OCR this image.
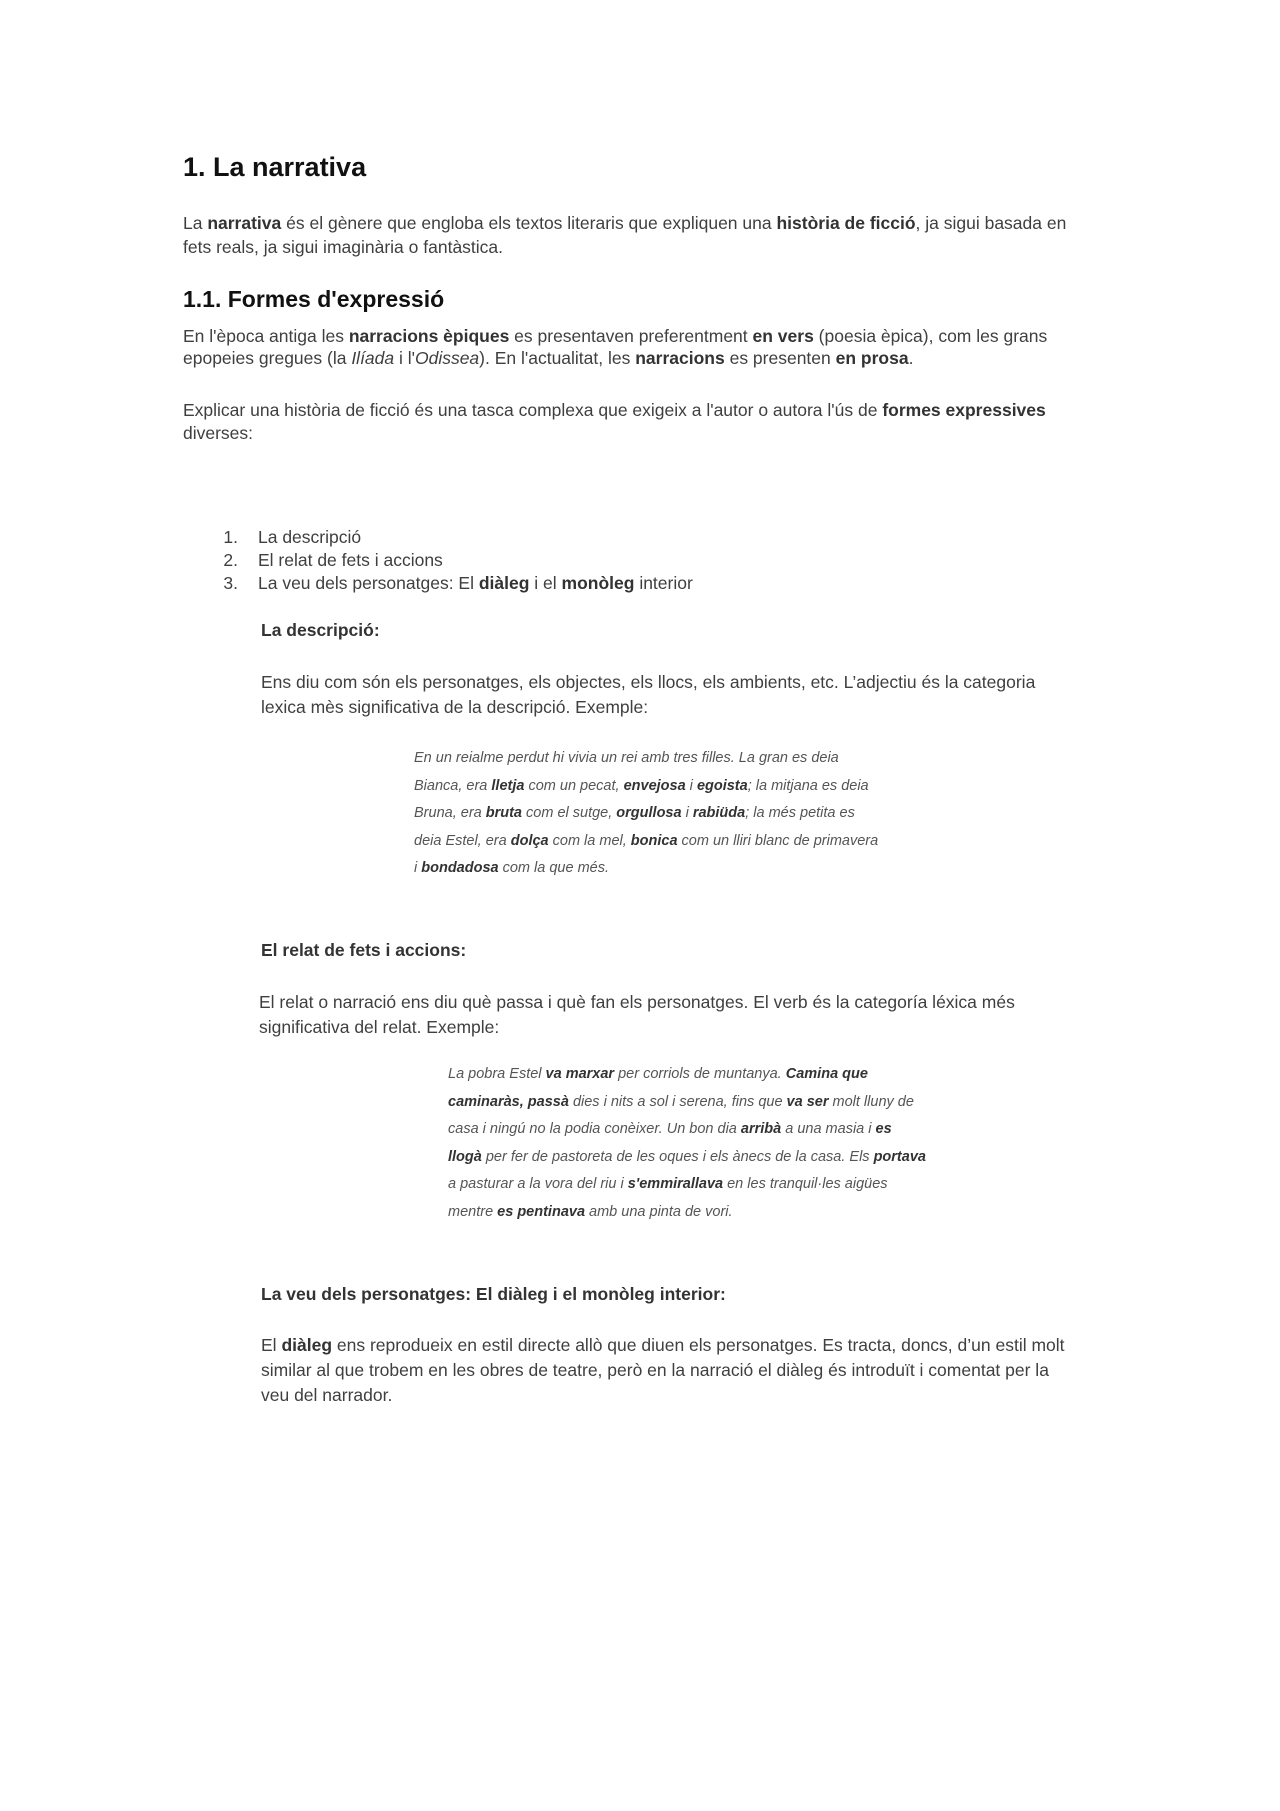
1. La narrativa

La narrativa és el gènere que engloba els textos literaris que expliquen una història de ficció, ja sigui basada en fets reals, ja sigui imaginària o fantàstica.

1.1. Formes d'expressió

En l'època antiga les narracions èpiques es presentaven preferentment en vers (poesia èpica), com les grans epopeies gregues (la Ilíada i l'Odissea). En l'actualitat, les narracions es presenten en prosa.

Explicar una història de ficció és una tasca complexa que exigeix a l'autor o autora l'ús de formes expressives diverses:

1. La descripció
2. El relat de fets i accions
3. La veu dels personatges: El diàleg i el monòleg interior
La descripció:

Ens diu com són els personatges, els objectes, els llocs, els ambients, etc. L’adjectiu és la categoria lexica mès significativa de la descripció. Exemple:

En un reialme perdut hi vivia un rei amb tres filles. La gran es deia Bianca, era lletja com un pecat, envejosa i egoista; la mitjana es deia Bruna, era bruta com el sutge, orgullosa i rabiüda; la més petita es deia Estel, era dolça com la mel, bonica com un lliri blanc de primavera i bondadosa com la que més.

El relat de fets i accions:

El relat o narració ens diu què passa i què fan els personatges. El verb és la categoría léxica més significativa del relat. Exemple:

La pobra Estel va marxar per corriols de muntanya. Camina que caminaràs, passà dies i nits a sol i serena, fins que va ser molt lluny de casa i ningú no la podia conèixer. Un bon dia arribà a una masia i es llogà per fer de pastoreta de les oques i els ànecs de la casa. Els portava a pasturar a la vora del riu i s'emmirallava en les tranquil·les aigües mentre es pentinava amb una pinta de vori.

La veu dels personatges: El diàleg i el monòleg interior:

El diàleg ens reprodueix en estil directe allò que diuen els personatges. Es tracta, doncs, d’un estil molt similar al que trobem en les obres de teatre, però en la narració el diàleg és introduït i comentat per la veu del narrador.
